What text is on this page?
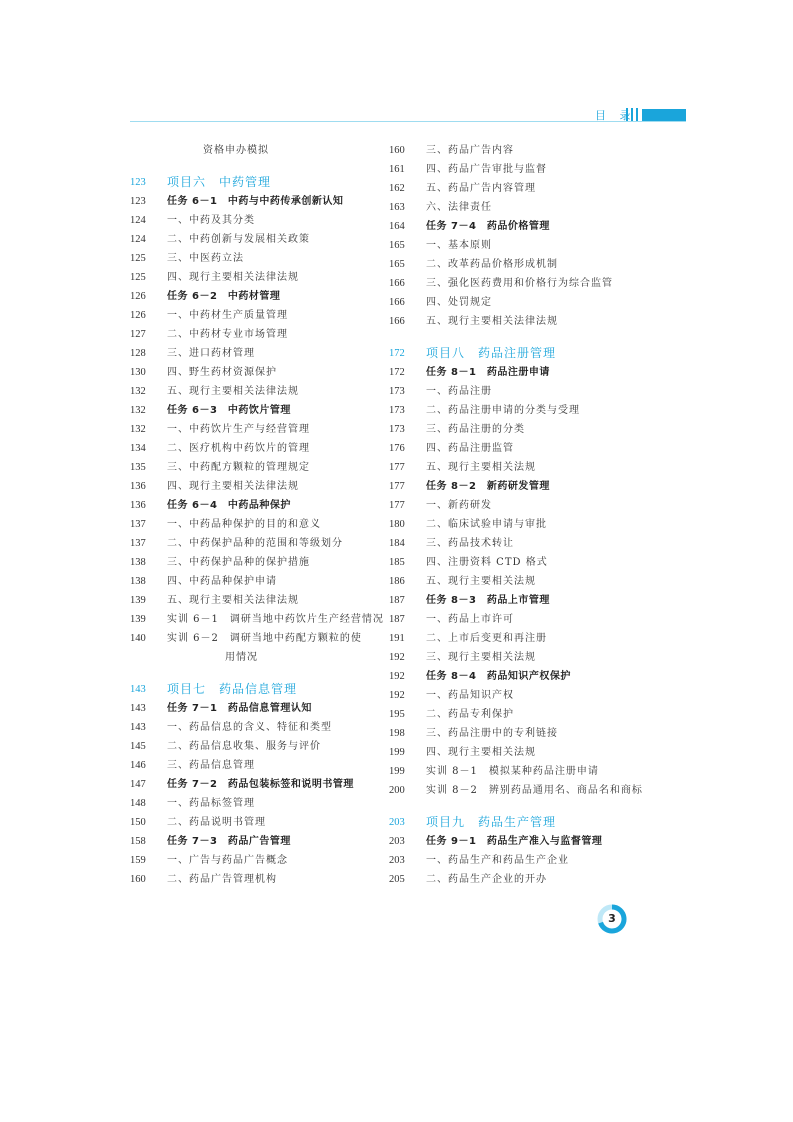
目 录
资格申办模拟
123 项目六　中药管理
123 任务 6－1　中药与中药传承创新认知
124 一、中药及其分类
124 二、中药创新与发展相关政策
125 三、中医药立法
125 四、现行主要相关法律法规
126 任务 6－2　中药材管理
126 一、中药材生产质量管理
127 二、中药材专业市场管理
128 三、进口药材管理
130 四、野生药材资源保护
132 五、现行主要相关法律法规
132 任务 6－3　中药饮片管理
132 一、中药饮片生产与经营管理
134 二、医疗机构中药饮片的管理
135 三、中药配方颗粒的管理规定
136 四、现行主要相关法律法规
136 任务 6－4　中药品种保护
137 一、中药品种保护的目的和意义
137 二、中药保护品种的范围和等级划分
138 三、中药保护品种的保护措施
138 四、中药品种保护申请
139 五、现行主要相关法律法规
139 实训 6－1　调研当地中药饮片生产经营情况
140 实训 6－2　调研当地中药配方颗粒的使
用情况
143 项目七　药品信息管理
143 任务 7－1　药品信息管理认知
143 一、药品信息的含义、特征和类型
145 二、药品信息收集、服务与评价
146 三、药品信息管理
147 任务 7－2　药品包装标签和说明书管理
148 一、药品标签管理
150 二、药品说明书管理
158 任务 7－3　药品广告管理
159 一、广告与药品广告概念
160 二、药品广告管理机构
160 三、药品广告内容
161 四、药品广告审批与监督
162 五、药品广告内容管理
163 六、法律责任
164 任务 7－4　药品价格管理
165 一、基本原则
165 二、改革药品价格形成机制
166 三、强化医药费用和价格行为综合监管
166 四、处罚规定
166 五、现行主要相关法律法规
172 项目八　药品注册管理
172 任务 8－1　药品注册申请
173 一、药品注册
173 二、药品注册申请的分类与受理
173 三、药品注册的分类
176 四、药品注册监管
177 五、现行主要相关法规
177 任务 8－2　新药研发管理
177 一、新药研发
180 二、临床试验申请与审批
184 三、药品技术转让
185 四、注册资料 CTD 格式
186 五、现行主要相关法规
187 任务 8－3　药品上市管理
187 一、药品上市许可
191 二、上市后变更和再注册
192 三、现行主要相关法规
192 任务 8－4　药品知识产权保护
192 一、药品知识产权
195 二、药品专利保护
198 三、药品注册中的专利链接
199 四、现行主要相关法规
199 实训 8－1　模拟某种药品注册申请
200 实训 8－2　辨别药品通用名、商品名和商标
203 项目九　药品生产管理
203 任务 9－1　药品生产准入与监督管理
203 一、药品生产和药品生产企业
205 二、药品生产企业的开办
3
